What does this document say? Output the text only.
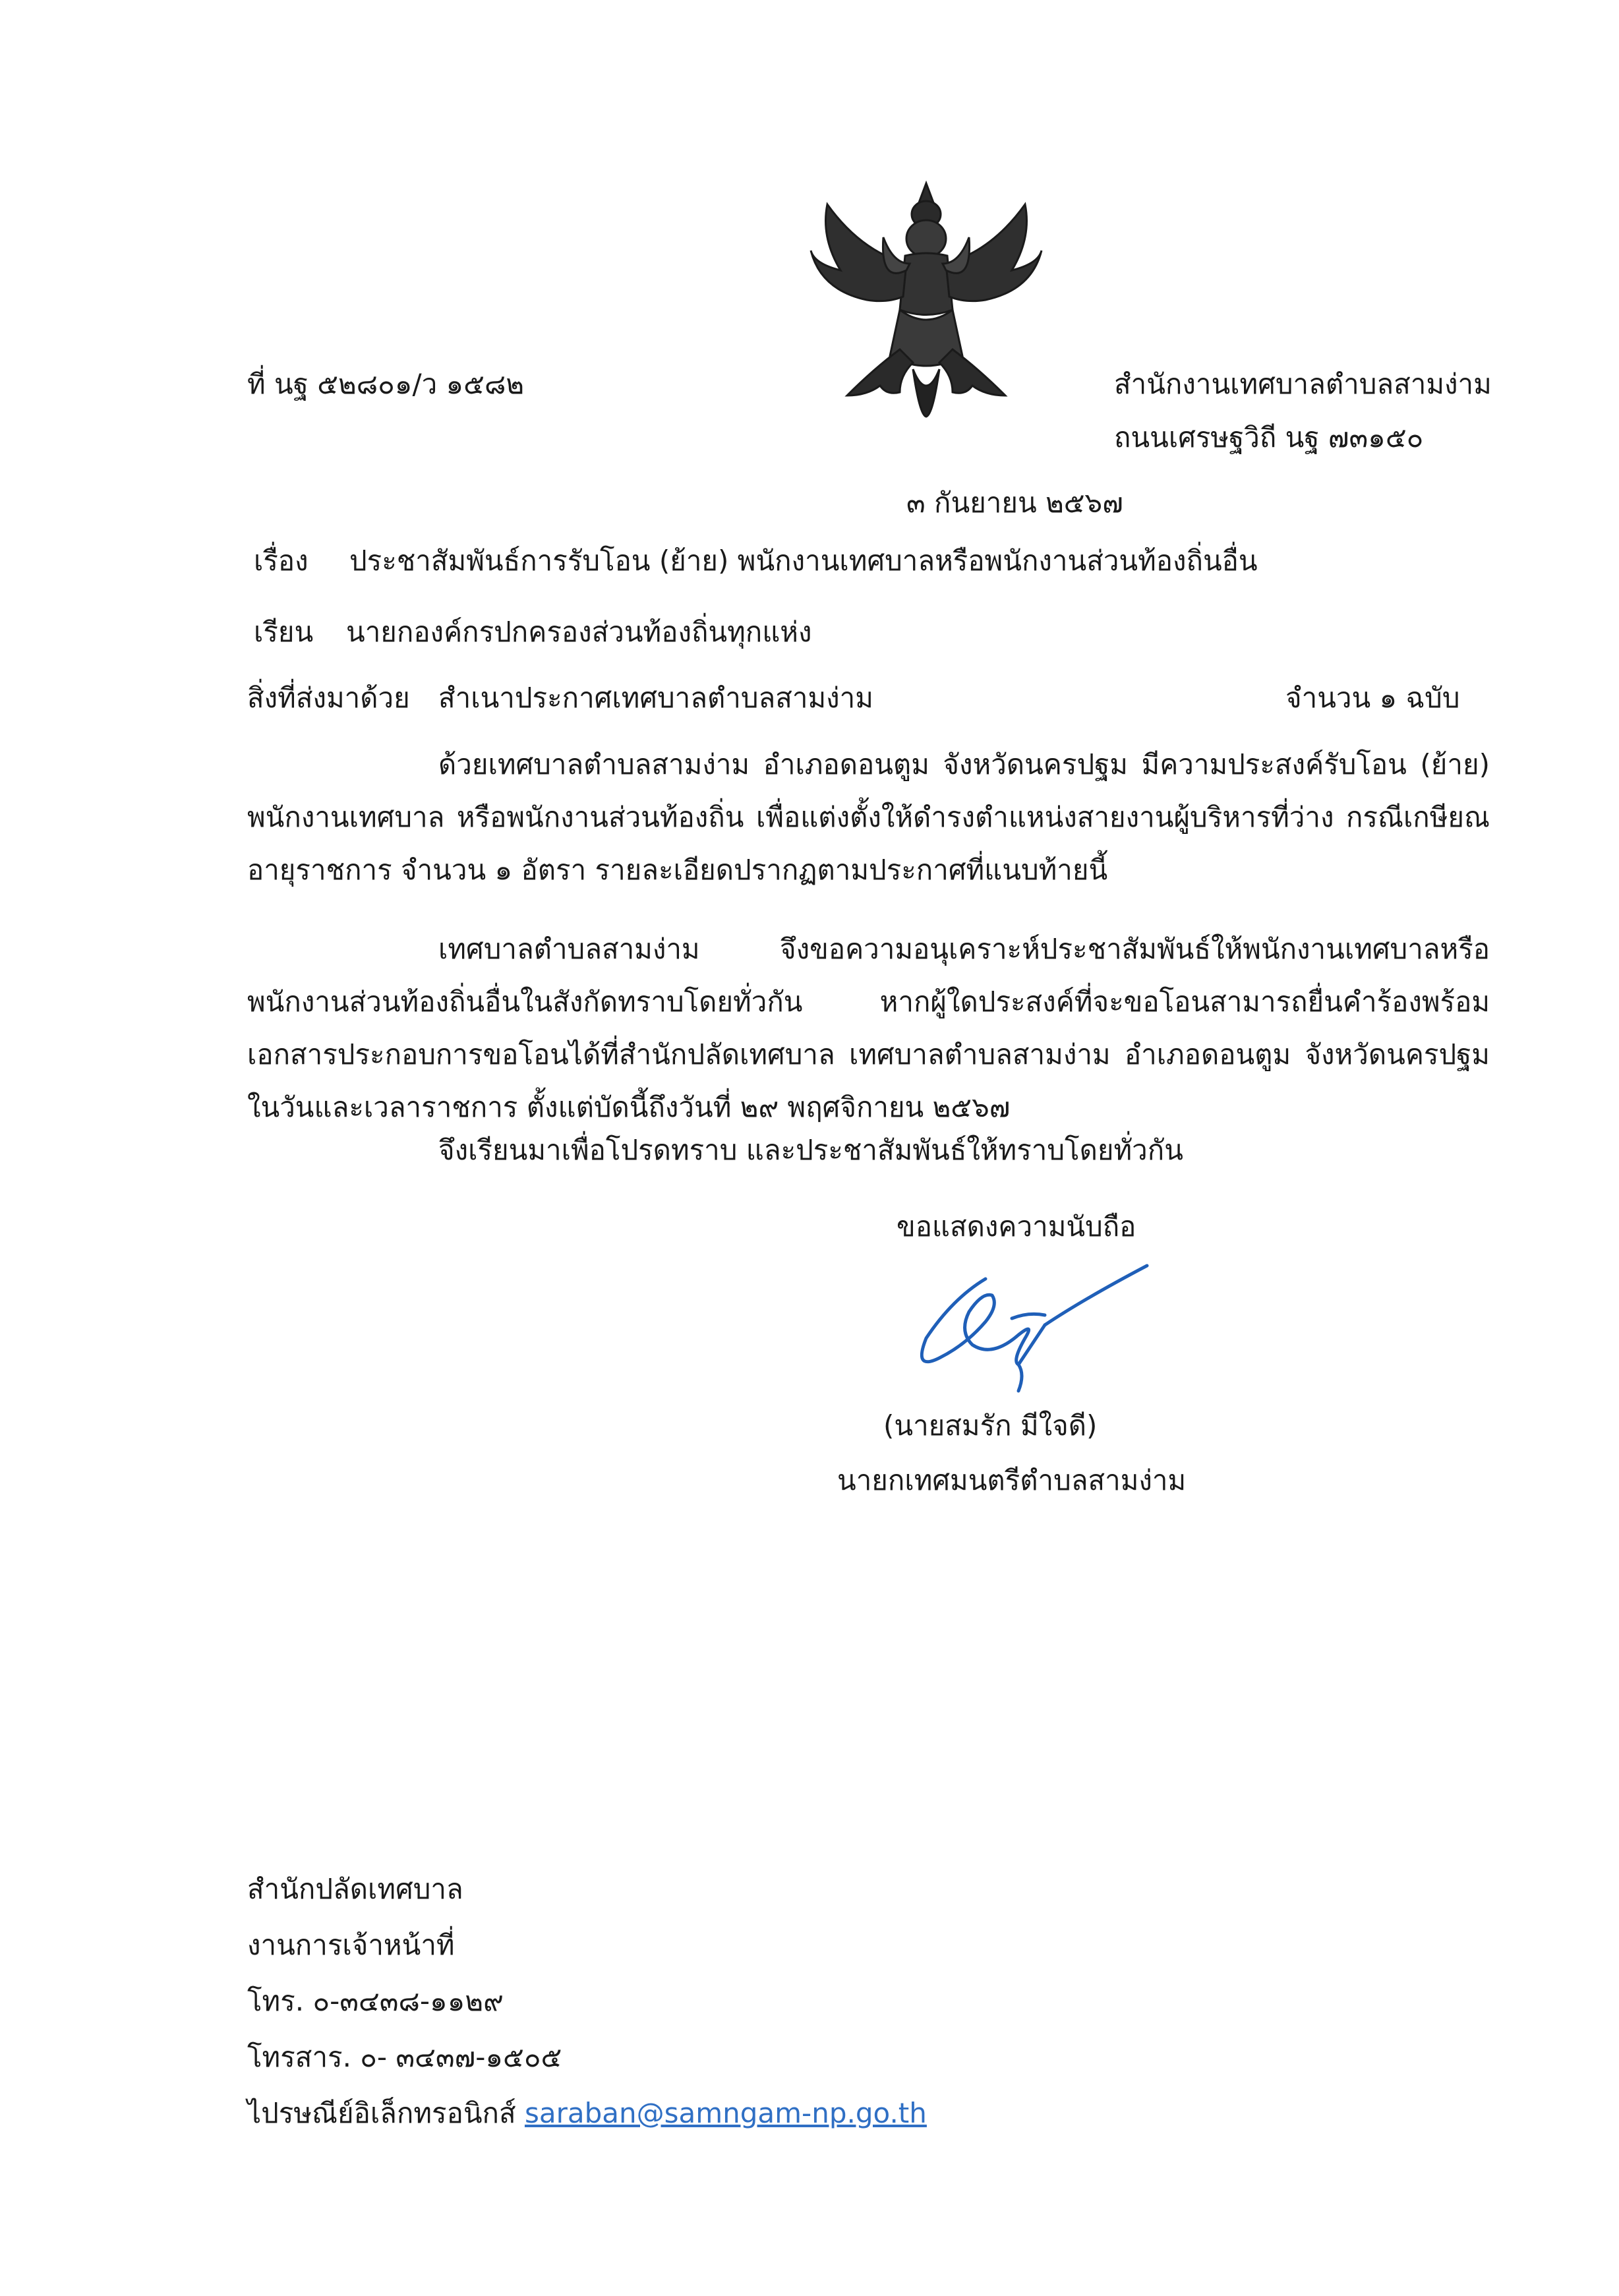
ที่ นฐ ๕๒๘๐๑/ว ๑๕๘๒	สำนักงานเทศบาลตำบลสามง่าม
ถนนเศรษฐวิถี นฐ ๗๓๑๕๐
๓ กันยายน ๒๕๖๗
เรื่อง ประชาสัมพันธ์การรับโอน (ย้าย) พนักงานเทศบาลหรือพนักงานส่วนท้องถิ่นอื่น
เรียน นายกองค์กรปกครองส่วนท้องถิ่นทุกแห่ง
สิ่งที่ส่งมาด้วย สำเนาประกาศเทศบาลตำบลสามง่าม	จำนวน ๑ ฉบับ

ด้วยเทศบาลตำบลสามง่าม อำเภอดอนตูม จังหวัดนครปฐม มีความประสงค์รับโอน (ย้าย) พนักงานเทศบาล หรือพนักงานส่วนท้องถิ่น เพื่อแต่งตั้งให้ดำรงตำแหน่งสายงานผู้บริหารที่ว่าง กรณีเกษียณอายุราชการ จำนวน ๑ อัตรา รายละเอียดปรากฏตามประกาศที่แนบท้ายนี้

เทศบาลตำบลสามง่าม จึงขอความอนุเคราะห์ประชาสัมพันธ์ให้พนักงานเทศบาลหรือพนักงานส่วนท้องถิ่นอื่นในสังกัดทราบโดยทั่วกัน หากผู้ใดประสงค์ที่จะขอโอนสามารถยื่นคำร้องพร้อมเอกสารประกอบการขอโอนได้ที่สำนักปลัดเทศบาล เทศบาลตำบลสามง่าม อำเภอดอนตูม จังหวัดนครปฐม ในวันและเวลาราชการ ตั้งแต่บัดนี้ถึงวันที่ ๒๙ พฤศจิกายน ๒๕๖๗

จึงเรียนมาเพื่อโปรดทราบ และประชาสัมพันธ์ให้ทราบโดยทั่วกัน

ขอแสดงความนับถือ
(นายสมรัก มีใจดี)
นายกเทศมนตรีตำบลสามง่าม
สำนักปลัดเทศบาล
งานการเจ้าหน้าที่
โทร. ๐-๓๔๓๘-๑๑๒๙
โทรสาร. ๐- ๓๔๓๗-๑๕๐๕
ไปรษณีย์อิเล็กทรอนิกส์ saraban@samngam-np.go.th
